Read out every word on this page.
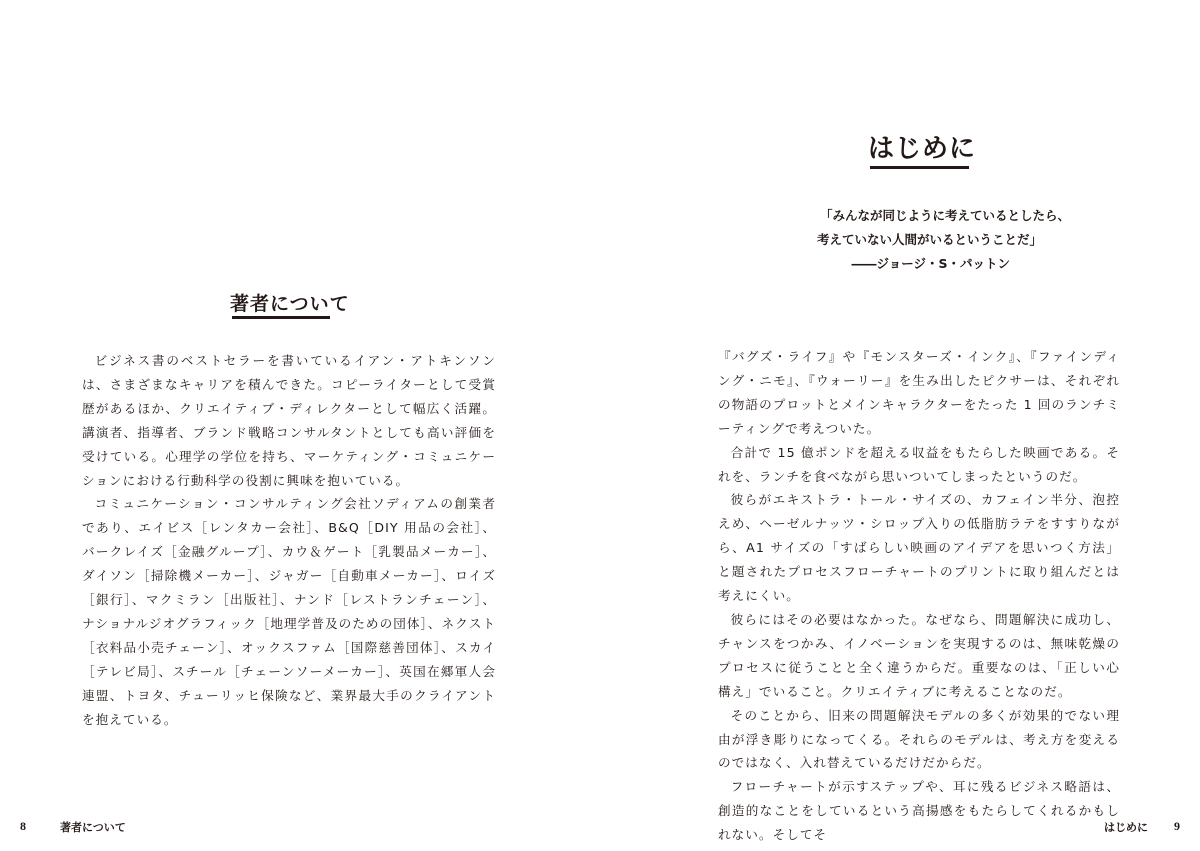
著者について

ビジネス書のベストセラーを書いているイアン・アトキンソンは、さまざまなキャリアを積んできた。コピーライターとして受賞歴があるほか、クリエイティブ・ディレクターとして幅広く活躍。講演者、指導者、ブランド戦略コンサルタントとしても高い評価を受けている。心理学の学位を持ち、マーケティング・コミュニケーションにおける行動科学の役割に興味を抱いている。

コミュニケーション・コンサルティング会社ソディアムの創業者であり、エイビス［レンタカー会社］、B&Q［DIY 用品の会社］、バークレイズ［金融グループ］、カウ＆ゲート［乳製品メーカー］、ダイソン［掃除機メーカー］、ジャガー［自動車メーカー］、ロイズ［銀行］、マクミラン［出版社］、ナンド［レストランチェーン］、ナショナルジオグラフィック［地理学普及のための団体］、ネクスト［衣料品小売チェーン］、オックスファム［国際慈善団体］、スカイ［テレビ局］、スチール［チェーンソーメーカー］、英国在郷軍人会連盟、トヨタ、チューリッヒ保険など、業界最大手のクライアントを抱えている。

8	著者について
はじめに
「みんなが同じように考えているとしたら、
考えていない人間がいるということだ」
――ジョージ・S・パットン

『バグズ・ライフ』や『モンスターズ・インク』、『ファインディング・ニモ』、『ウォーリー』を生み出したピクサーは、それぞれの物語のプロットとメインキャラクターをたった 1 回のランチミーティングで考えついた。

合計で 15 億ポンドを超える収益をもたらした映画である。それを、ランチを食べながら思いついてしまったというのだ。

彼らがエキストラ・トール・サイズの、カフェイン半分、泡控えめ、ヘーゼルナッツ・シロップ入りの低脂肪ラテをすすりながら、A1 サイズの「すばらしい映画のアイデアを思いつく方法」と題されたプロセスフローチャートのプリントに取り組んだとは考えにくい。

彼らにはその必要はなかった。なぜなら、問題解決に成功し、チャンスをつかみ、イノベーションを実現するのは、無味乾燥のプロセスに従うことと全く違うからだ。重要なのは、「正しい心構え」でいること。クリエイティブに考えることなのだ。

そのことから、旧来の問題解決モデルの多くが効果的でない理由が浮き彫りになってくる。それらのモデルは、考え方を変えるのではなく、入れ替えているだけだからだ。

フローチャートが示すステップや、耳に残るビジネス略語は、創造的なことをしているという高揚感をもたらしてくれるかもしれない。そしてそ	はじめに 9
